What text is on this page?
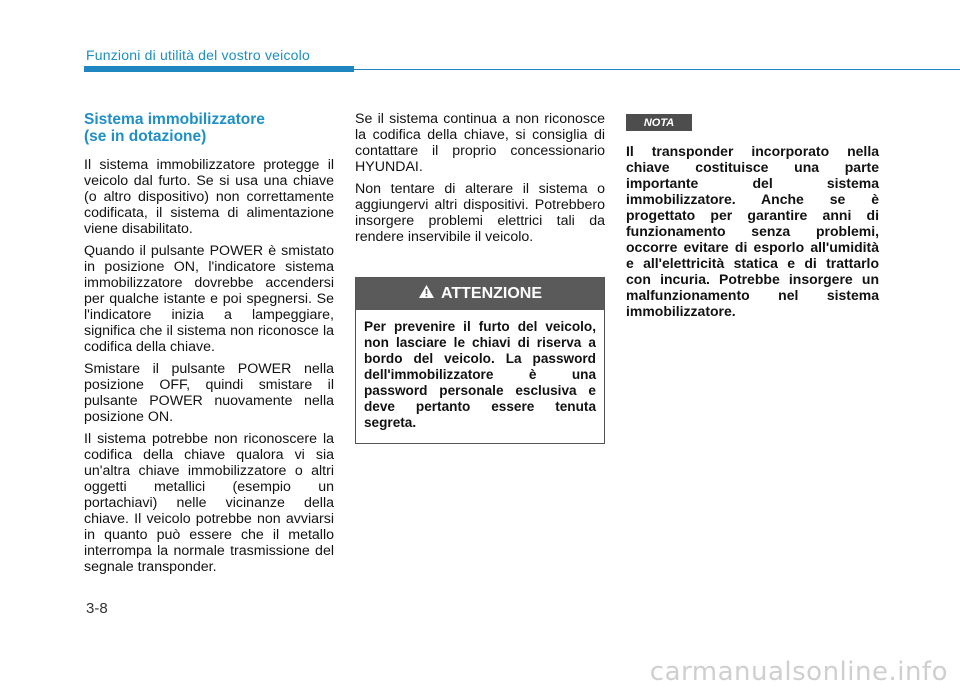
Funzioni di utilità del vostro veicolo
Sistema immobilizzatore
(se in dotazione)

Il sistema immobilizzatore protegge il veicolo dal furto. Se si usa una chiave (o altro dispositivo) non correttamente codificata, il sistema di alimentazione viene disabilitato.

Quando il pulsante POWER è smistato in posizione ON, l'indicatore sistema immobilizzatore dovrebbe accendersi per qualche istante e poi spegnersi. Se l'indicatore inizia a lampeggiare, significa che il sistema non riconosce la codifica della chiave.

Smistare il pulsante POWER nella posizione OFF, quindi smistare il pulsante POWER nuovamente nella posizione ON.

Il sistema potrebbe non riconoscere la codifica della chiave qualora vi sia un'altra chiave immobilizzatore o altri oggetti metallici (esempio un portachiavi) nelle vicinanze della chiave. Il veicolo potrebbe non avviarsi in quanto può essere che il metallo interrompa la normale trasmissione del segnale transponder.

Se il sistema continua a non riconosce la codifica della chiave, si consiglia di contattare il proprio concessionario HYUNDAI.

Non tentare di alterare il sistema o aggiungervi altri dispositivi. Potrebbero insorgere problemi elettrici tali da rendere inservibile il veicolo.

ATTENZIONE
Per prevenire il furto del veicolo, non lasciare le chiavi di riserva a bordo del veicolo. La password dell'immobilizzatore è una password personale esclusiva e deve pertanto essere tenuta segreta.
NOTA
Il transponder incorporato nella chiave costituisce una parte importante del sistema immobilizzatore. Anche se è progettato per garantire anni di funzionamento senza problemi, occorre evitare di esporlo all'umidità e all'elettricità statica e di trattarlo con incuria. Potrebbe insorgere un malfunzionamento nel sistema immobilizzatore.
3-8
carmanualsonline.info
